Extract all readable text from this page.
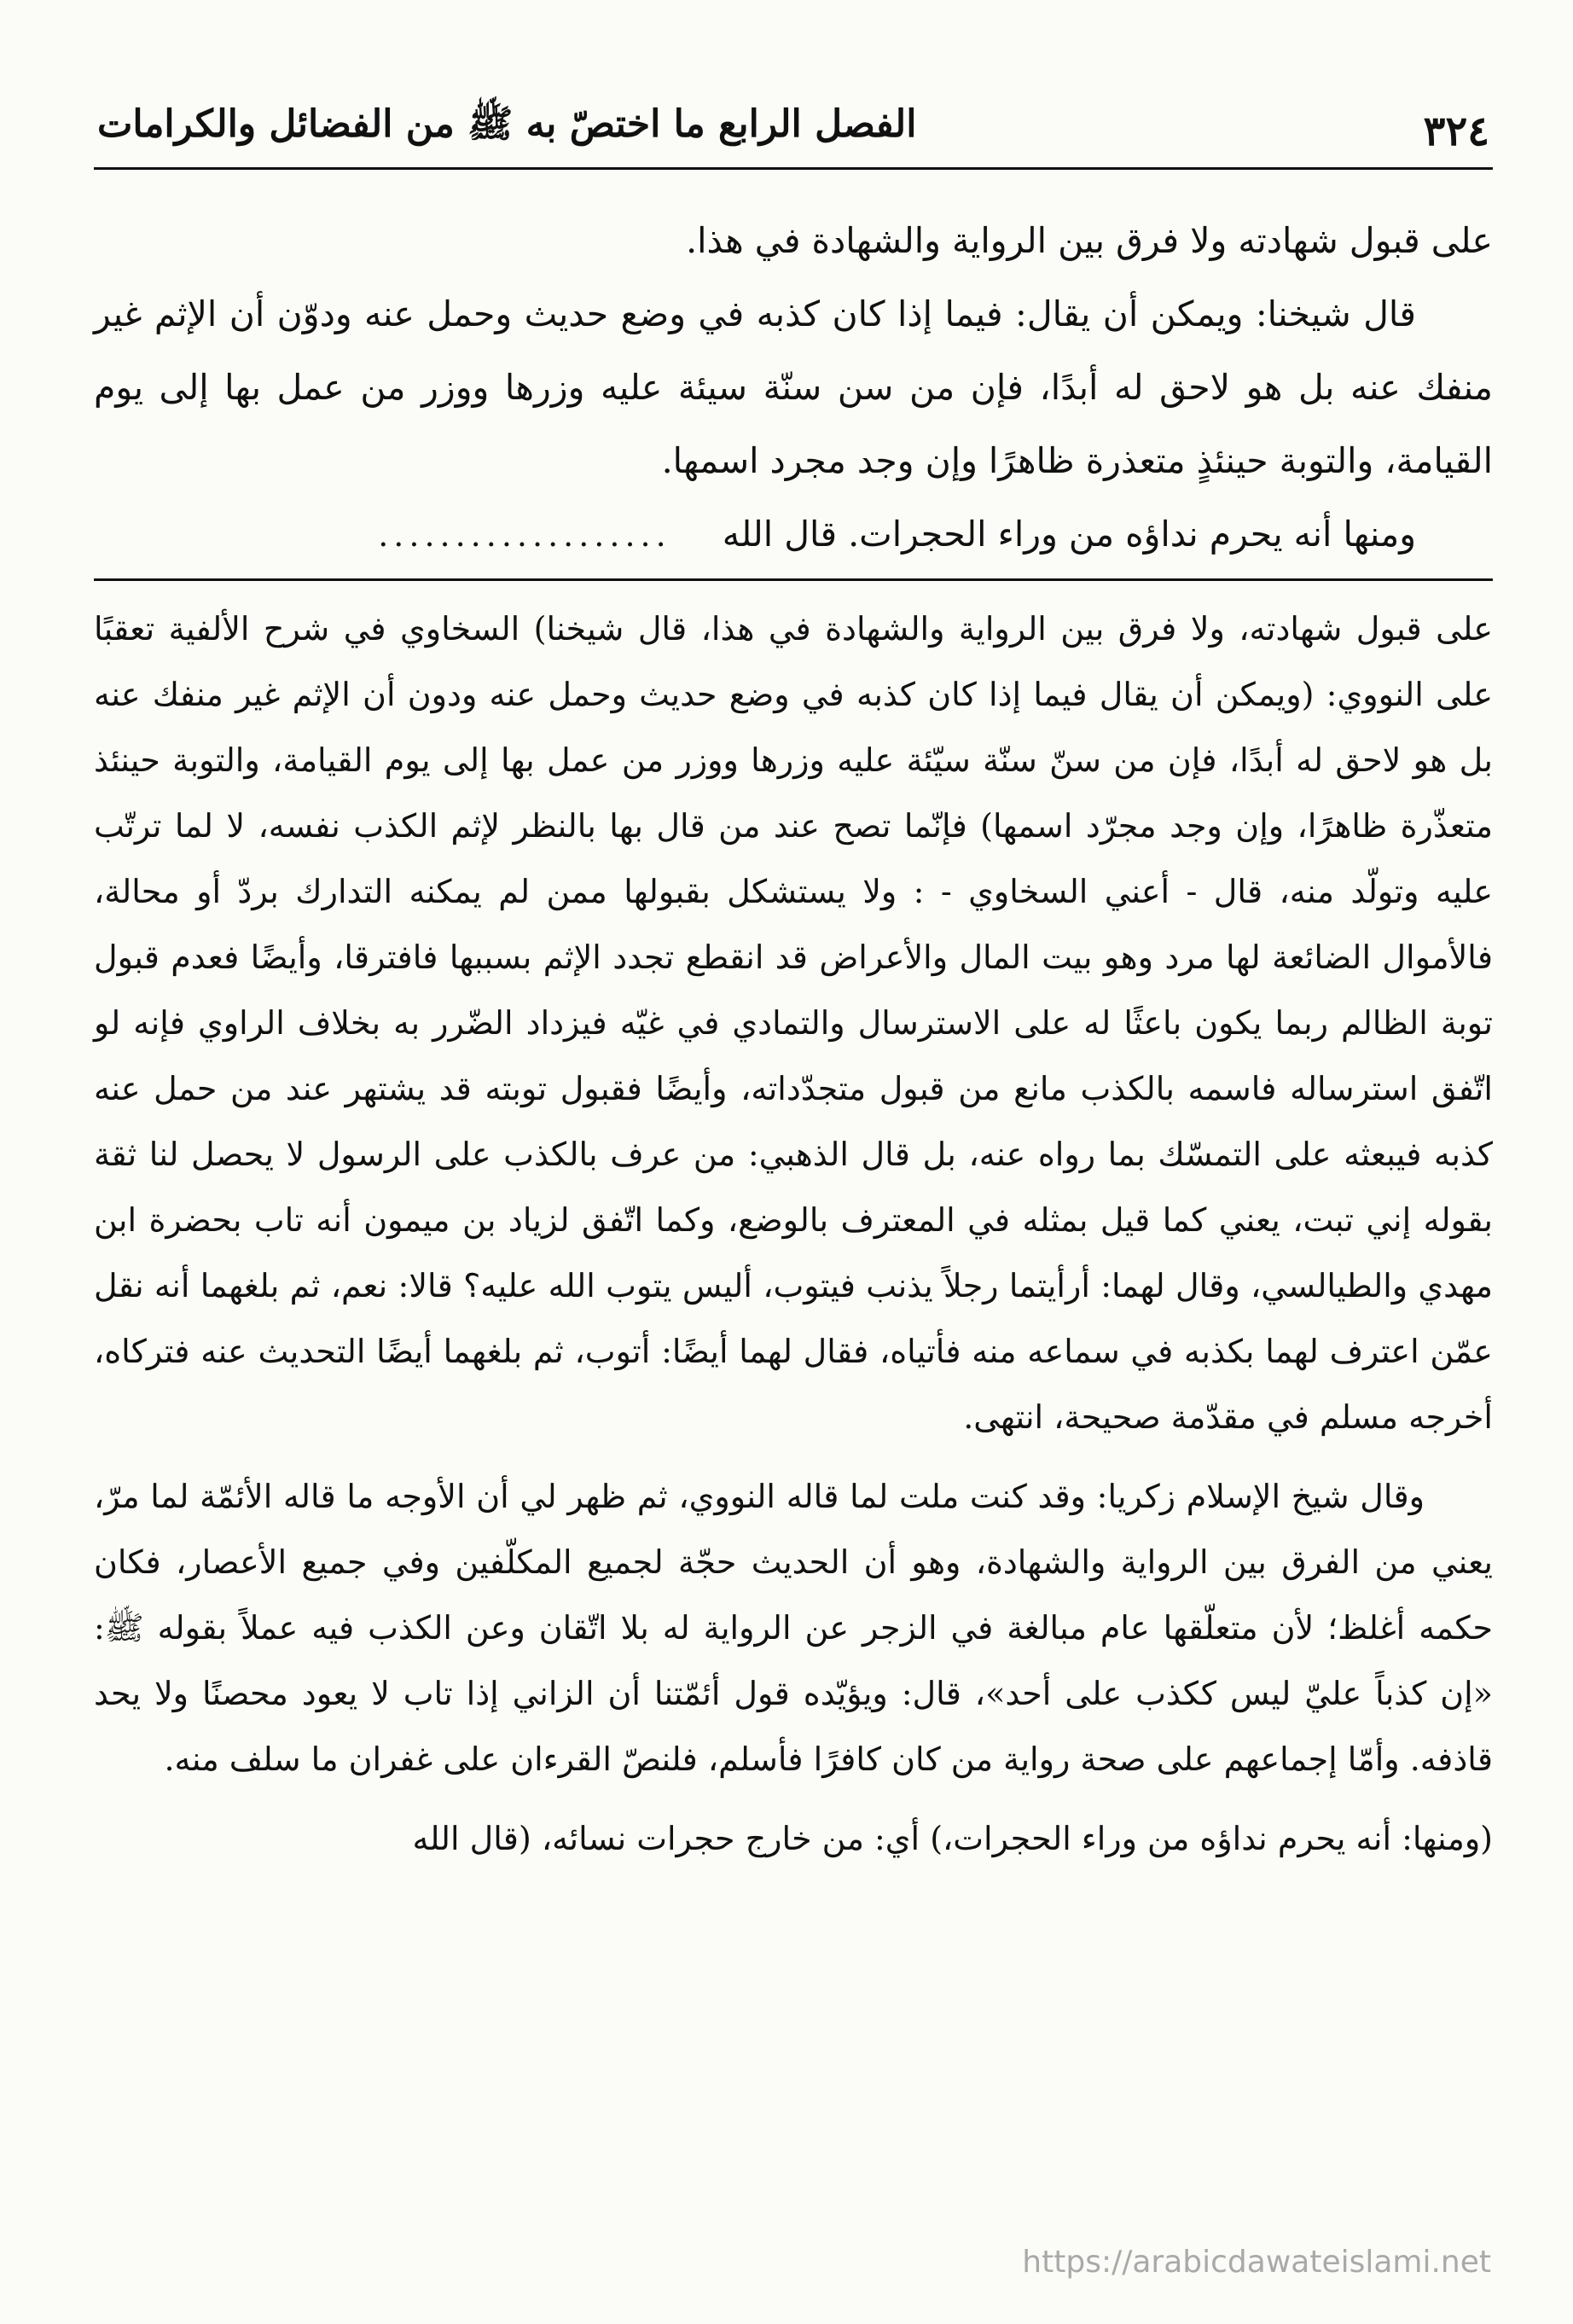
٣٢٤
الفصل الرابع ما اختصّ به ﷺ من الفضائل والكرامات

على قبول شهادته ولا فرق بين الرواية والشهادة في هذا.

قال شيخنا: ويمكن أن يقال: فيما إذا كان كذبه في وضع حديث وحمل عنه ودوّن أن الإثم غير منفك عنه بل هو لاحق له أبدًا، فإن من سن سنّة سيئة عليه وزرها ووزر من عمل بها إلى يوم القيامة، والتوبة حينئذٍ متعذرة ظاهرًا وإن وجد مجرد اسمها.

ومنها أنه يحرم نداؤه من وراء الحجرات. قال الله
...................

على قبول شهادته، ولا فرق بين الرواية والشهادة في هذا، قال شيخنا) السخاوي في شرح الألفية تعقبًا على النووي: (ويمكن أن يقال فيما إذا كان كذبه في وضع حديث وحمل عنه ودون أن الإثم غير منفك عنه بل هو لاحق له أبدًا، فإن من سنّ سنّة سيّئة عليه وزرها ووزر من عمل بها إلى يوم القيامة، والتوبة حينئذ متعذّرة ظاهرًا، وإن وجد مجرّد اسمها) فإنّما تصح عند من قال بها بالنظر لإثم الكذب نفسه، لا لما ترتّب عليه وتولّد منه، قال - أعني السخاوي - : ولا يستشكل بقبولها ممن لم يمكنه التدارك بردّ أو محالة، فالأموال الضائعة لها مرد وهو بيت المال والأعراض قد انقطع تجدد الإثم بسببها فافترقا، وأيضًا فعدم قبول توبة الظالم ربما يكون باعثًا له على الاسترسال والتمادي في غيّه فيزداد الضّرر به بخلاف الراوي فإنه لو اتّفق استرساله فاسمه بالكذب مانع من قبول متجدّداته، وأيضًا فقبول توبته قد يشتهر عند من حمل عنه كذبه فيبعثه على التمسّك بما رواه عنه، بل قال الذهبي: من عرف بالكذب على الرسول لا يحصل لنا ثقة بقوله إني تبت، يعني كما قيل بمثله في المعترف بالوضع، وكما اتّفق لزياد بن ميمون أنه تاب بحضرة ابن مهدي والطيالسي، وقال لهما: أرأيتما رجلاً يذنب فيتوب، أليس يتوب الله عليه؟ قالا: نعم، ثم بلغهما أنه نقل عمّن اعترف لهما بكذبه في سماعه منه فأتياه، فقال لهما أيضًا: أتوب، ثم بلغهما أيضًا التحديث عنه فتركاه، أخرجه مسلم في مقدّمة صحيحة، انتهى.

وقال شيخ الإسلام زكريا: وقد كنت ملت لما قاله النووي، ثم ظهر لي أن الأوجه ما قاله الأئمّة لما مرّ، يعني من الفرق بين الرواية والشهادة، وهو أن الحديث حجّة لجميع المكلّفين وفي جميع الأعصار، فكان حكمه أغلظ؛ لأن متعلّقها عام مبالغة في الزجر عن الرواية له بلا اتّقان وعن الكذب فيه عملاً بقوله ﷺ: «إن كذباً عليّ ليس ككذب على أحد»، قال: ويؤيّده قول أئمّتنا أن الزاني إذا تاب لا يعود محصنًا ولا يحد قاذفه. وأمّا إجماعهم على صحة رواية من كان كافرًا فأسلم، فلنصّ القرءان على غفران ما سلف منه.

(ومنها: أنه يحرم نداؤه من وراء الحجرات،) أي: من خارج حجرات نسائه، (قال الله

https://arabicdawateislami.net
